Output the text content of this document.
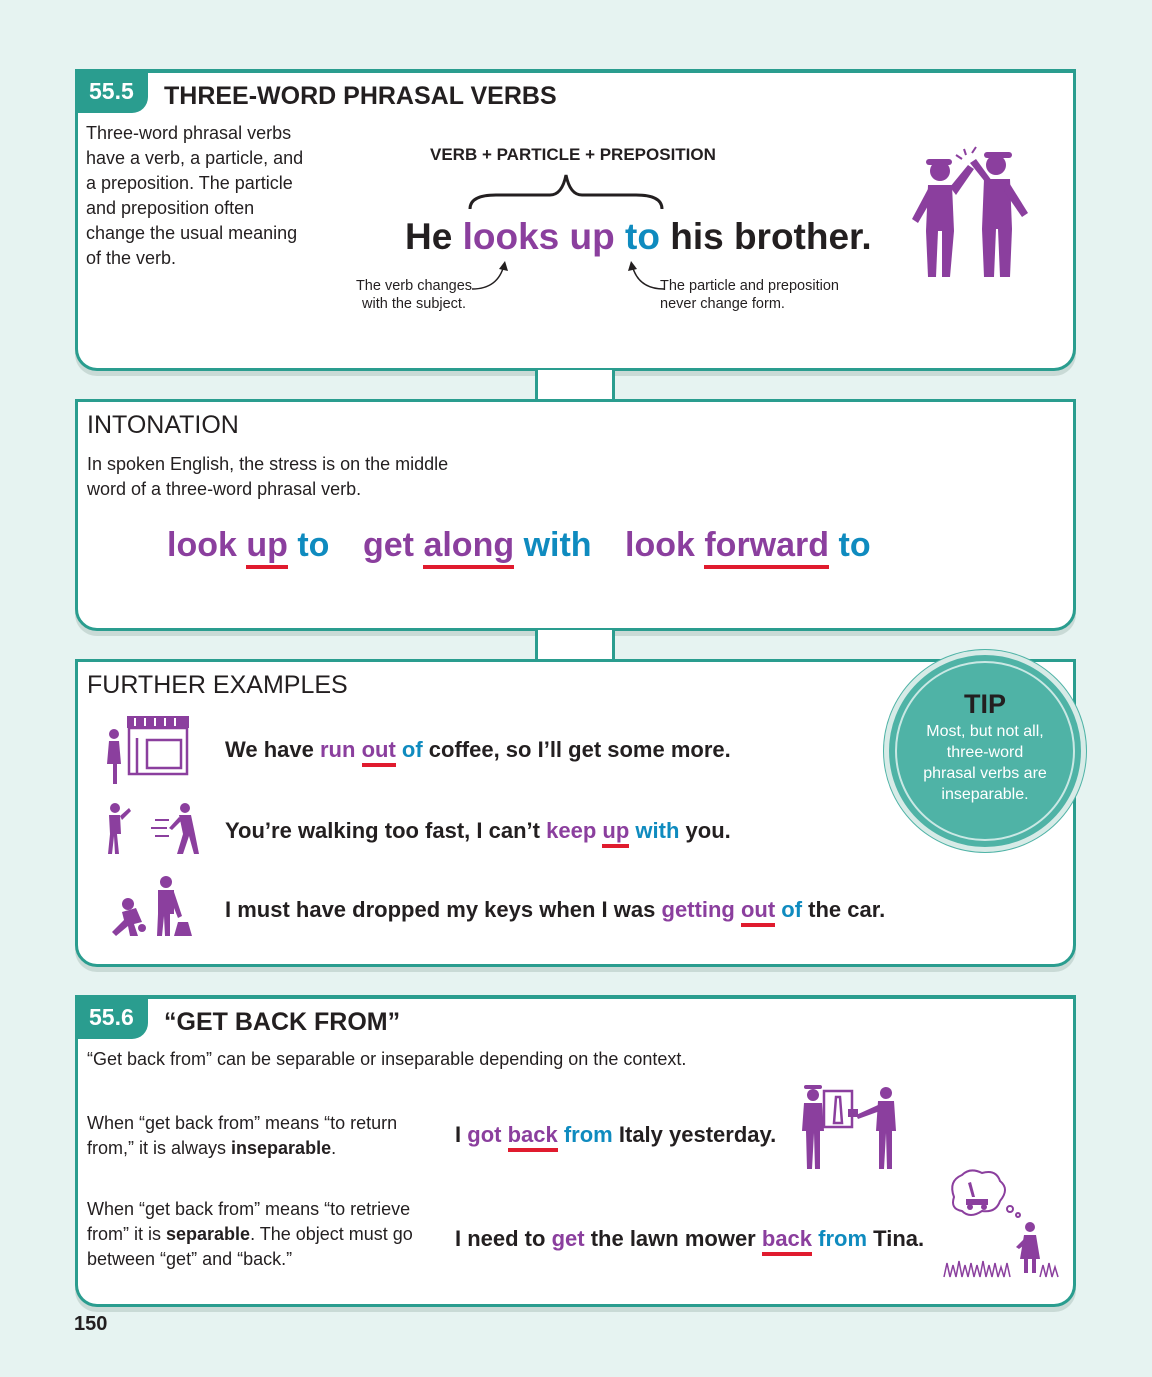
55.5	THREE-WORD PHRASAL VERBS
Three-word phrasal verbs have a verb, a particle, and a preposition. The particle and preposition often change the usual meaning of the verb.
VERB + PARTICLE + PREPOSITION
He looks up to his brother.
The verb changes with the subject.
The particle and preposition never change form.
INTONATION
In spoken English, the stress is on the middle word of a three-word phrasal verb.
look up to get along with look forward to
FURTHER EXAMPLES
We have run out of coffee, so I’ll get some more.
You’re walking too fast, I can’t keep up with you.
I must have dropped my keys when I was getting out of the car.
TIP
Most, but not all, three-word phrasal verbs are inseparable.
55.6	“GET BACK FROM”
“Get back from” can be separable or inseparable depending on the context.
When “get back from” means “to return from,” it is always inseparable.
When “get back from” means “to retrieve from” it is separable. The object must go between “get” and “back.”
I got back from Italy yesterday.
I need to get the lawn mower back from Tina.
150
